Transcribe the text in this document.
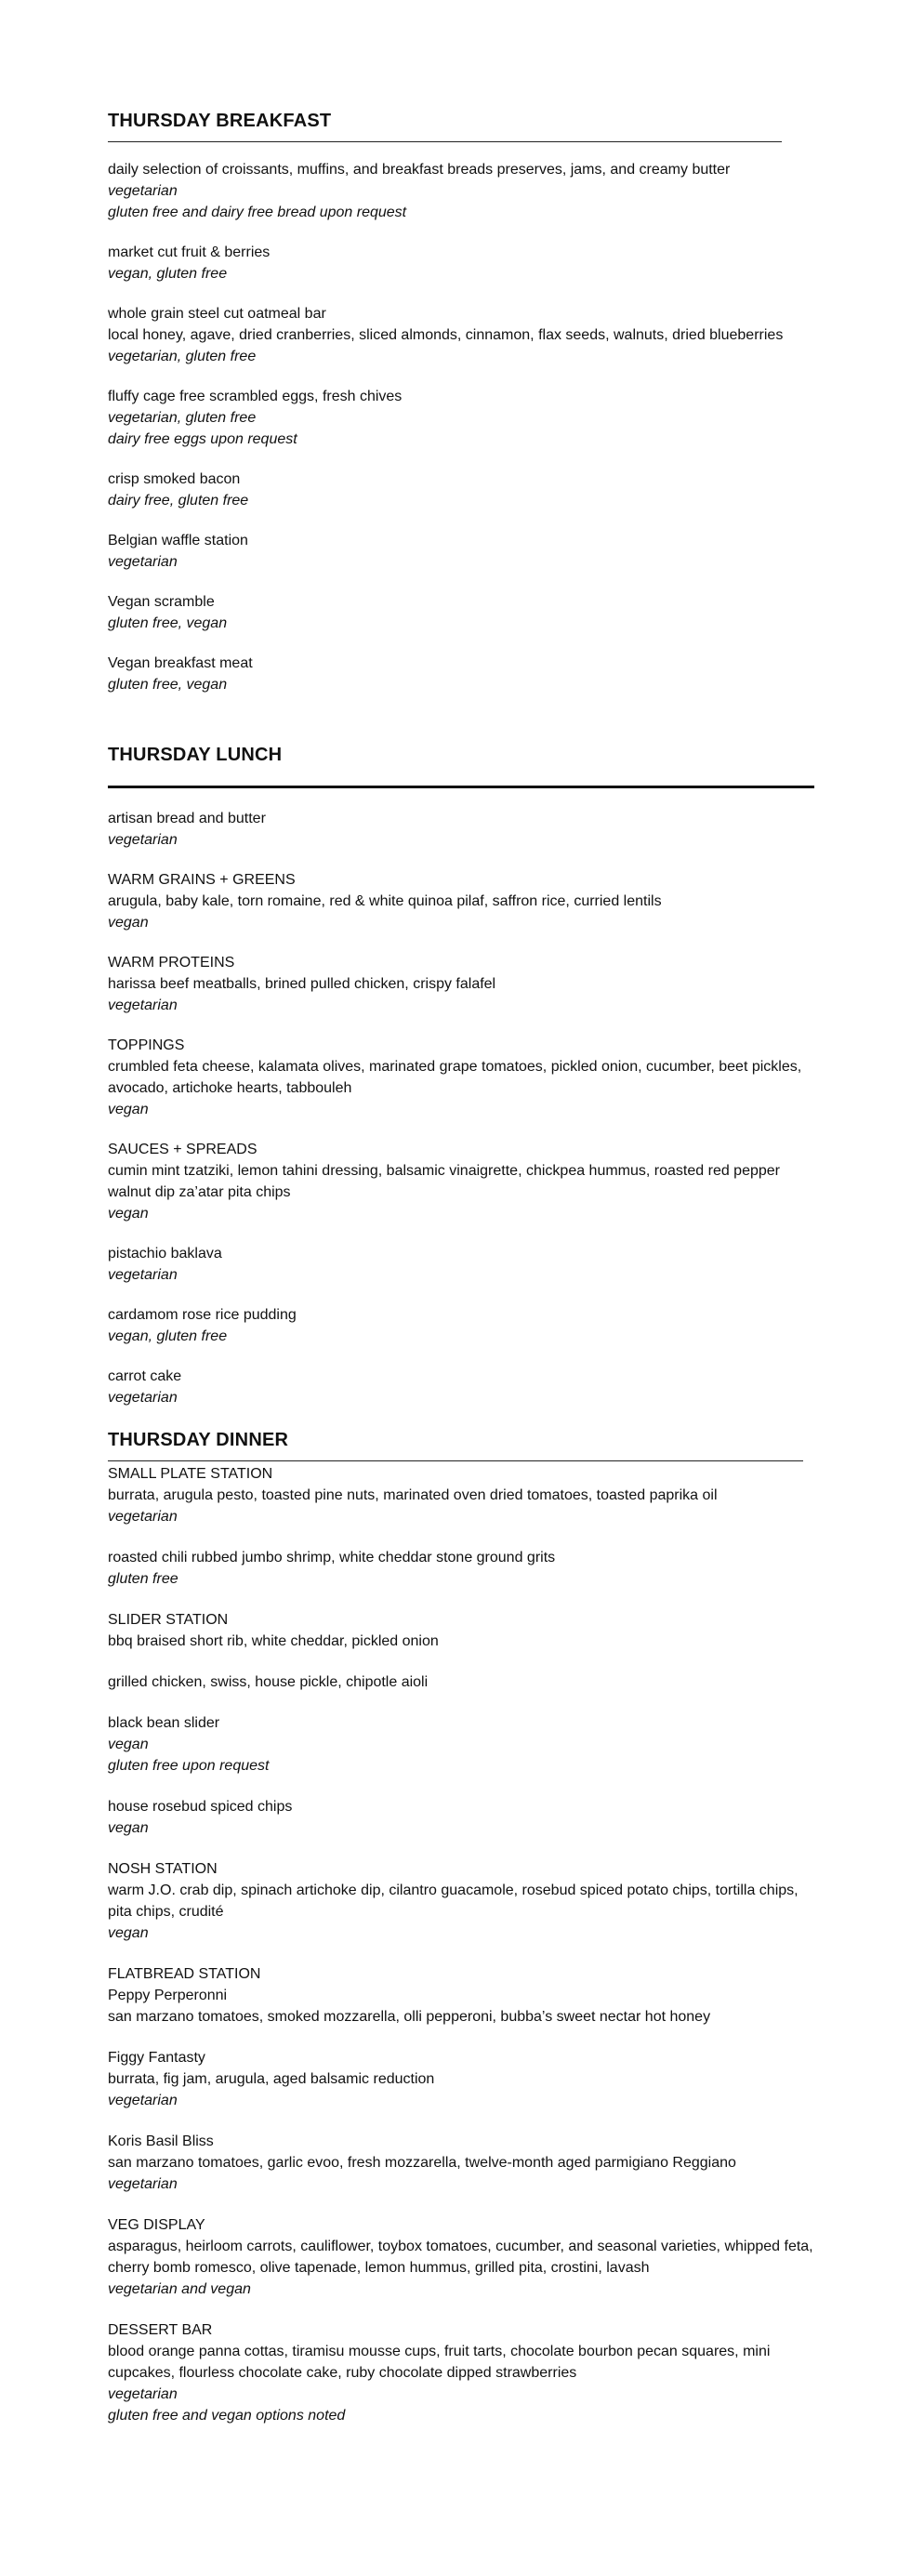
THURSDAY BREAKFAST
daily selection of croissants, muffins, and breakfast breads preserves, jams, and creamy butter
vegetarian
gluten free and dairy free bread upon request
market cut fruit & berries
vegan, gluten free
whole grain steel cut oatmeal bar
local honey, agave, dried cranberries, sliced almonds, cinnamon, flax seeds, walnuts, dried blueberries
vegetarian, gluten free
fluffy cage free scrambled eggs, fresh chives
vegetarian, gluten free
dairy free eggs upon request
crisp smoked bacon
dairy free, gluten free
Belgian waffle station
vegetarian
Vegan scramble
gluten free, vegan
Vegan breakfast meat
gluten free, vegan
THURSDAY LUNCH
artisan bread and butter
vegetarian
WARM GRAINS + GREENS
arugula, baby kale, torn romaine, red & white quinoa pilaf, saffron rice, curried lentils
vegan
WARM PROTEINS
harissa beef meatballs, brined pulled chicken, crispy falafel
vegetarian
TOPPINGS
crumbled feta cheese, kalamata olives, marinated grape tomatoes, pickled onion, cucumber, beet pickles, avocado, artichoke hearts, tabbouleh
vegan
SAUCES + SPREADS
cumin mint tzatziki, lemon tahini dressing, balsamic vinaigrette, chickpea hummus, roasted red pepper walnut dip za’atar pita chips
vegan
pistachio baklava
vegetarian
cardamom rose rice pudding
vegan, gluten free
carrot cake
vegetarian
THURSDAY DINNER
SMALL PLATE STATION
burrata, arugula pesto, toasted pine nuts, marinated oven dried tomatoes, toasted paprika oil
vegetarian
roasted chili rubbed jumbo shrimp, white cheddar stone ground grits
gluten free
SLIDER STATION
bbq braised short rib, white cheddar, pickled onion
grilled chicken, swiss, house pickle, chipotle aioli
black bean slider
vegan
gluten free upon request
house rosebud spiced chips
vegan
NOSH STATION
warm J.O. crab dip, spinach artichoke dip, cilantro guacamole, rosebud spiced potato chips, tortilla chips, pita chips, crudité
vegan
FLATBREAD STATION
Peppy Perperonni
san marzano tomatoes, smoked mozzarella, olli pepperoni, bubba’s sweet nectar hot honey
Figgy Fantasty
burrata, fig jam, arugula, aged balsamic reduction
vegetarian
Koris Basil Bliss
san marzano tomatoes, garlic evoo, fresh mozzarella, twelve-month aged parmigiano Reggiano
vegetarian
VEG DISPLAY
asparagus, heirloom carrots, cauliflower, toybox tomatoes, cucumber, and seasonal varieties, whipped feta, cherry bomb romesco, olive tapenade, lemon hummus, grilled pita, crostini, lavash
vegetarian and vegan
DESSERT BAR
blood orange panna cottas, tiramisu mousse cups, fruit tarts, chocolate bourbon pecan squares, mini cupcakes, flourless chocolate cake, ruby chocolate dipped strawberries
vegetarian
gluten free and vegan options noted
